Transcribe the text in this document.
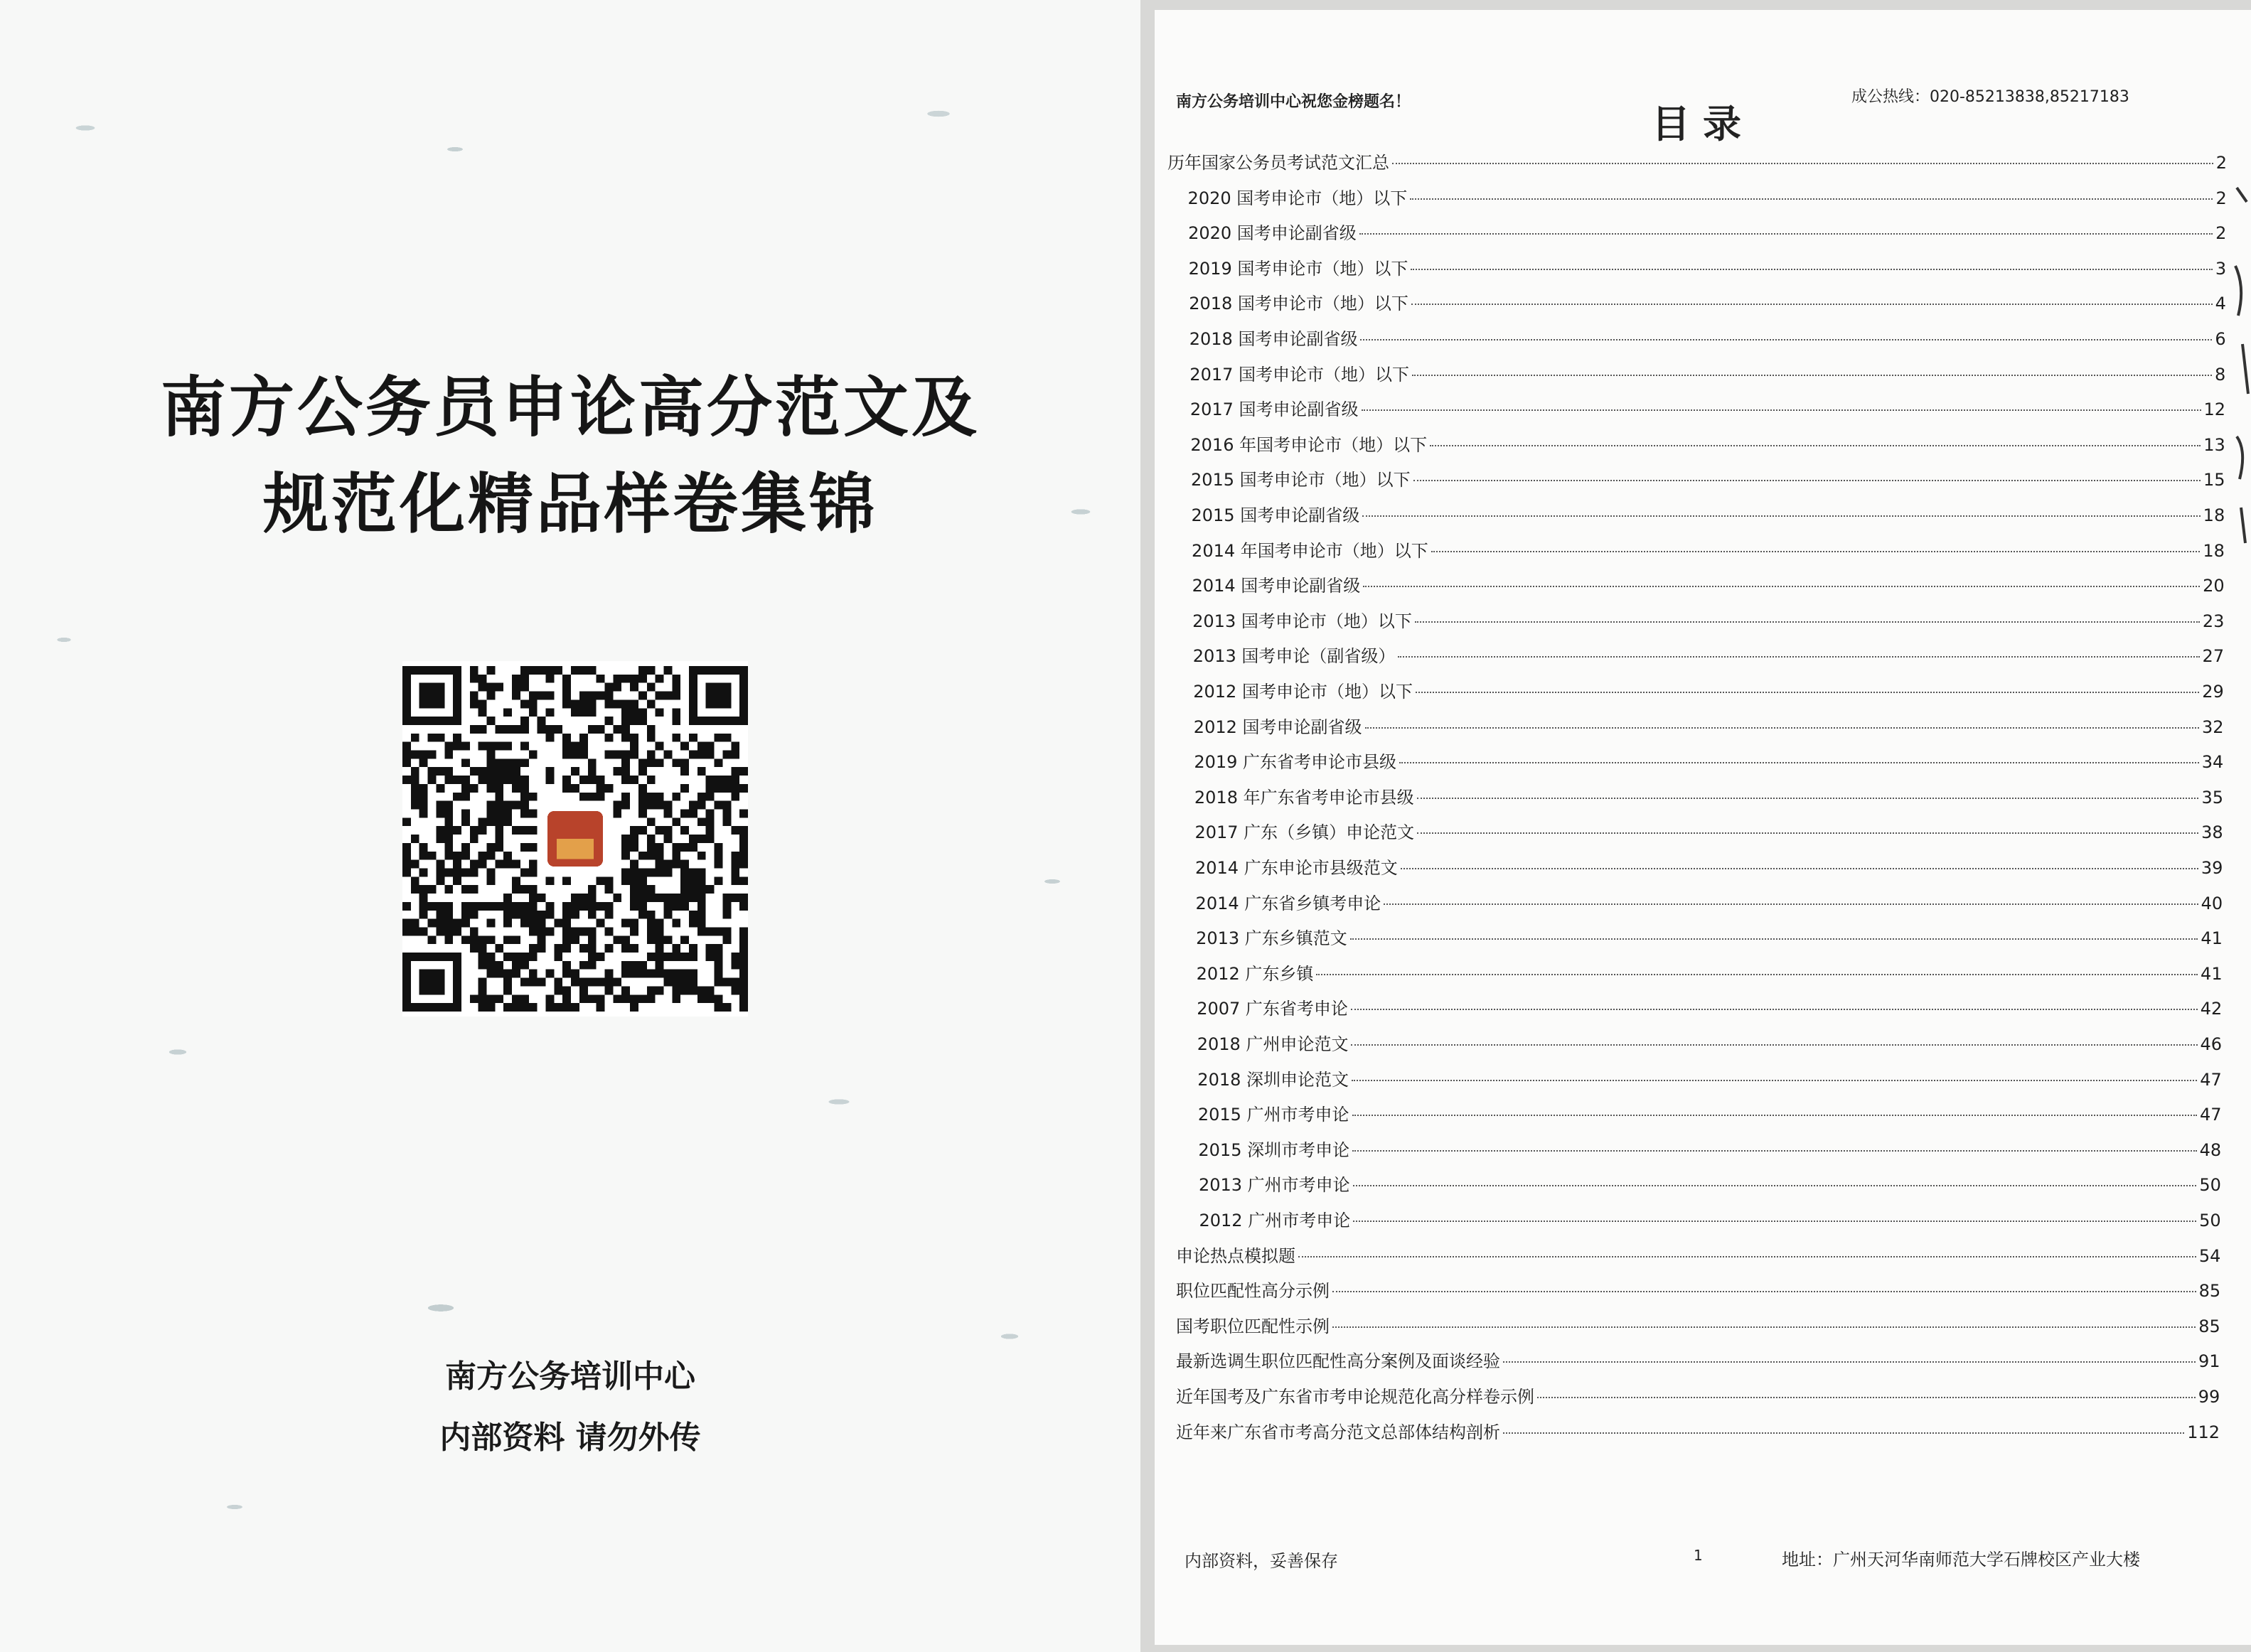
南方公务员申论高分范文及
规范化精品样卷集锦

南方公务培训中心

内部资料 请勿外传

南方公务培训中心祝您金榜题名！	成公热线：020-85213838,85217183
目录
历年国家公务员考试范文汇总	2
2020 国考申论市（地）以下	2
2020 国考申论副省级	2
2019 国考申论市（地）以下	3
2018 国考申论市（地）以下	4
2018 国考申论副省级	6
2017 国考申论市（地）以下	8
2017 国考申论副省级	12
2016 年国考申论市（地）以下	13
2015 国考申论市（地）以下	15
2015 国考申论副省级	18
2014 年国考申论市（地）以下	18
2014 国考申论副省级	20
2013 国考申论市（地）以下	23
2013 国考申论（副省级）	27
2012 国考申论市（地）以下	29
2012 国考申论副省级	32
2019 广东省考申论市县级	34
2018 年广东省考申论市县级	35
2017 广东（乡镇）申论范文	38
2014 广东申论市县级范文	39
2014 广东省乡镇考申论	40
2013 广东乡镇范文	41
2012 广东乡镇	41
2007 广东省考申论	42
2018 广州申论范文	46
2018 深圳申论范文	47
2015 广州市考申论	47
2015 深圳市考申论	48
2013 广州市考申论	50
2012 广州市考申论	50
申论热点模拟题	54
职位匹配性高分示例	85
国考职位匹配性示例	85
最新选调生职位匹配性高分案例及面谈经验	91
近年国考及广东省市考申论规范化高分样卷示例	99
近年来广东省市考高分范文总部体结构剖析	112
内部资料，妥善保存	1	地址：广州天河华南师范大学石牌校区产业大楼
